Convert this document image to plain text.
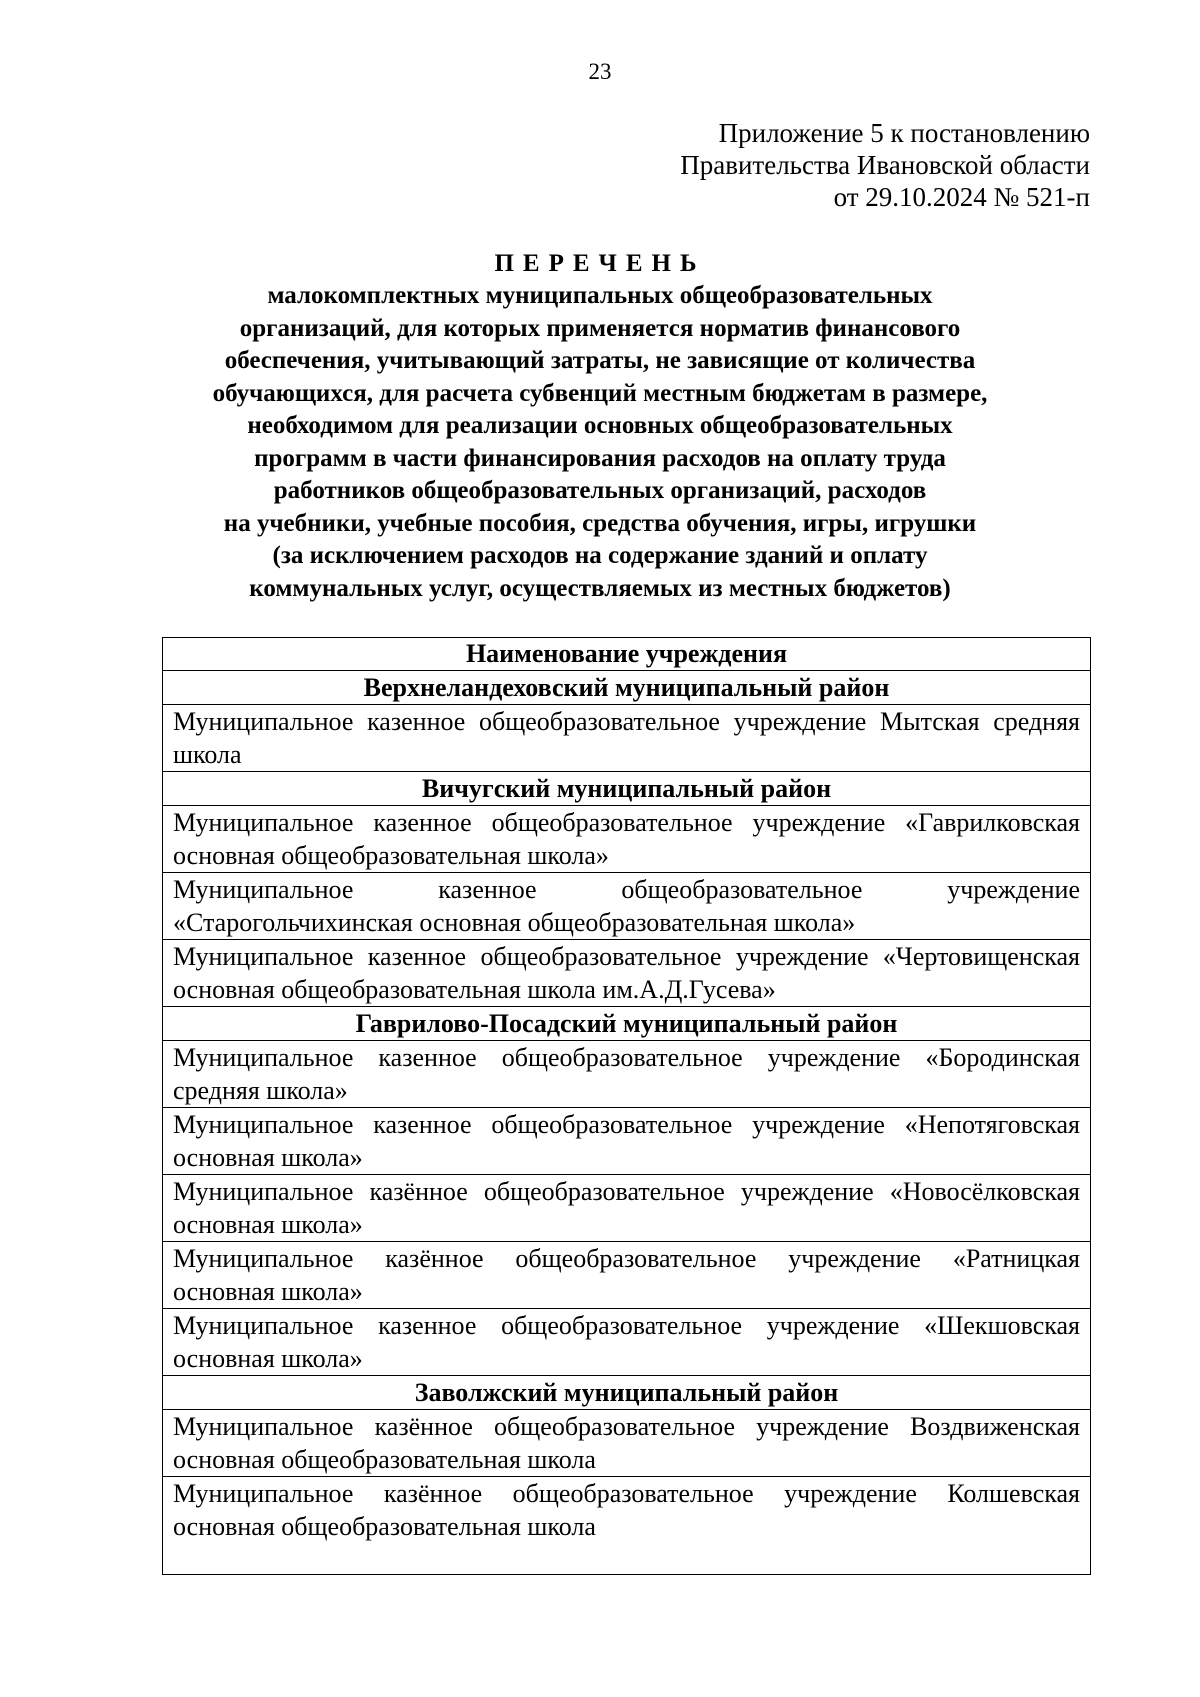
23
Приложение 5 к постановлению
Правительства Ивановской области
от 29.10.2024 № 521-п
ПЕРЕЧЕНЬ
малокомплектных муниципальных общеобразовательных
организаций, для которых применяется норматив финансового
обеспечения, учитывающий затраты, не зависящие от количества
обучающихся, для расчета субвенций местным бюджетам в размере,
необходимом для реализации основных общеобразовательных
программ в части финансирования расходов на оплату труда
работников общеобразовательных организаций, расходов
на учебники, учебные пособия, средства обучения, игры, игрушки
(за исключением расходов на содержание зданий и оплату
коммунальных услуг, осуществляемых из местных бюджетов)
Наименование учреждения
Верхнеландеховский муниципальный район
Муниципальное казенное общеобразовательное учреждение Мытская средняя школа
Вичугский муниципальный район
Муниципальное казенное общеобразовательное учреждение «Гаврилковская основная общеобразовательная школа»
Муниципальное казенное общеобразовательное учреждение «Старогольчихинская основная общеобразовательная школа»
Муниципальное казенное общеобразовательное учреждение «Чертовищенская основная общеобразовательная школа им.А.Д.Гусева»
Гаврилово-Посадский муниципальный район
Муниципальное казенное общеобразовательное учреждение «Бородинская средняя школа»
Муниципальное казенное общеобразовательное учреждение «Непотяговская основная школа»
Муниципальное казённое общеобразовательное учреждение «Новосёлковская основная школа»
Муниципальное казённое общеобразовательное учреждение «Ратницкая основная школа»
Муниципальное казенное общеобразовательное учреждение «Шекшовская основная школа»
Заволжский муниципальный район
Муниципальное казённое общеобразовательное учреждение Воздвиженская основная общеобразовательная школа
Муниципальное казённое общеобразовательное учреждение Колшевская основная общеобразовательная школа
